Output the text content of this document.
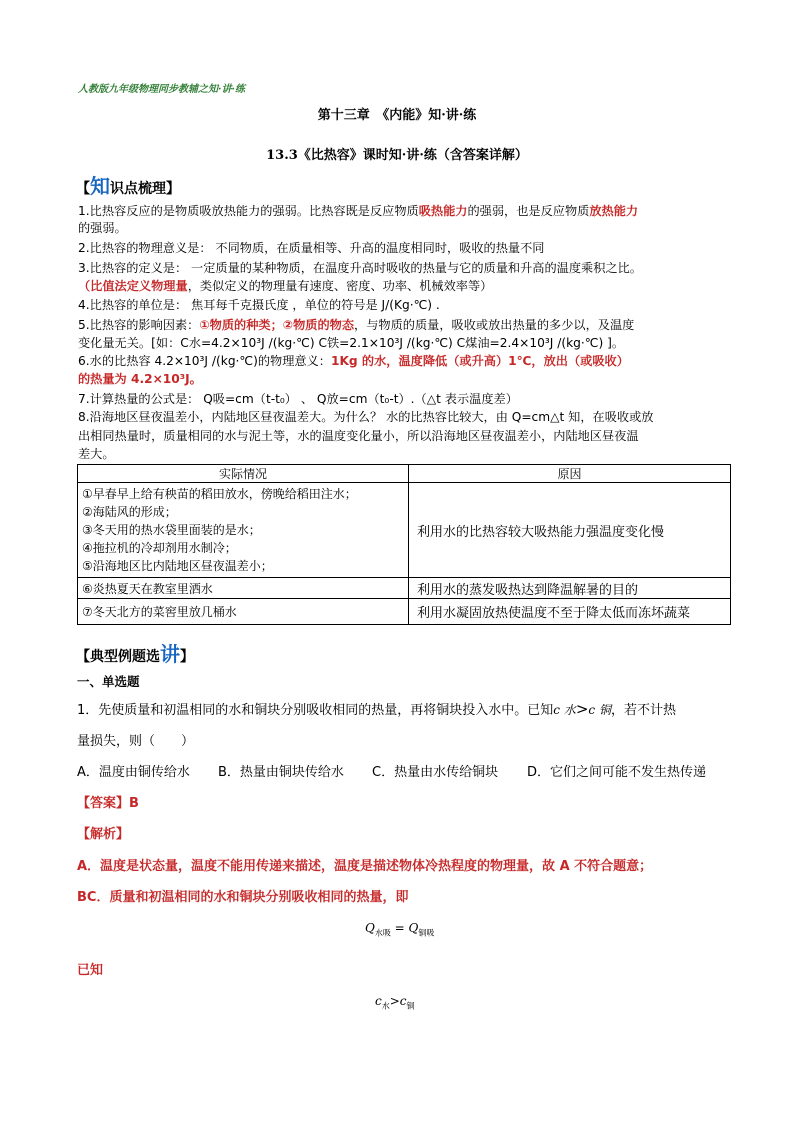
人教版九年级物理同步教辅之知·讲·练
第十三章　《内能》知·讲·练
13.3《比热容》课时知·讲·练（含答案详解）
【知识点梳理】
1.比热容反应的是物质吸放热能力的强弱。比热容既是反应物质吸热能力的强弱，也是反应物质放热能力
的强弱。
2.比热容的物理意义是： 不同物质，在质量相等、升高的温度相同时，吸收的热量不同
3.比热容的定义是： 一定质量的某种物质，在温度升高时吸收的热量与它的质量和升高的温度乘积之比。
（比值法定义物理量，类似定义的物理量有速度、密度、功率、机械效率等）
4.比热容的单位是： 焦耳每千克摄氏度 ，单位的符号是 J/(Kg·℃) .
5.比热容的影响因素：①物质的种类；②物质的物态，与物质的质量，吸收或放出热量的多少以，及温度
变化量无关。[如：C水=4.2×10³J /(kg·℃) C铁=2.1×10³J /(kg·℃) C煤油=2.4×10³J /(kg·℃) ]。
6.水的比热容 4.2×10³J /(kg·℃)的物理意义：1Kg 的水，温度降低（或升高）1℃，放出（或吸收）
的热量为 4.2×10³J。
7.计算热量的公式是： Q吸=cm（t-t₀） 、 Q放=cm（t₀-t）.（△t 表示温度差）
8.沿海地区昼夜温差小，内陆地区昼夜温差大。为什么？ 水的比热容比较大，由 Q=cm△t 知，在吸收或放
出相同热量时，质量相同的水与泥土等，水的温度变化量小，所以沿海地区昼夜温差小，内陆地区昼夜温
差大。
实际情况	原因

①早春早上给有秧苗的稻田放水，傍晚给稻田注水；
②海陆风的形成；
③冬天用的热水袋里面装的是水；
④拖拉机的冷却剂用水制冷；
⑤沿海地区比内陆地区昼夜温差小；	利用水的比热容较大吸热能力强温度变化慢
⑥炎热夏天在教室里洒水	利用水的蒸发吸热达到降温解暑的目的
⑦冬天北方的菜窖里放几桶水	利用水凝固放热使温度不至于降太低而冻坏蔬菜
【典型例题选讲】
一、单选题
1．先使质量和初温相同的水和铜块分别吸收相同的热量，再将铜块投入水中。已知c 水>c 铜，若不计热
量损失，则（　　）
A．温度由铜传给水 B．热量由铜块传给水 C．热量由水传给铜块 D．它们之间可能不发生热传递
【答案】B
【解析】
A．温度是状态量，温度不能用传递来描述，温度是描述物体冷热程度的物理量，故 A 不符合题意；
BC．质量和初温相同的水和铜块分别吸收相同的热量，即
$Q_{水吸} = Q_{铜吸}$
已知
$c_水>c_铜$
